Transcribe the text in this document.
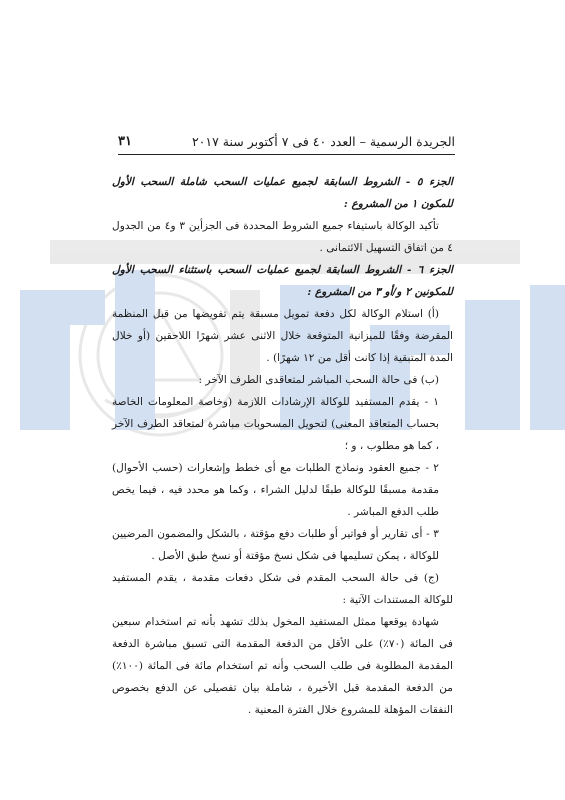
الجريدة الرسمية – العدد ٤٠ فى ٧ أكتوبر سنة ٢٠١٧
٣١

الجزء ٥ - الشروط السابقة لجميع عمليات السحب شاملة السحب الأول للمكون ١ من المشروع :

تأكيد الوكالة باستيفاء جميع الشروط المحددة فى الجزأين ٣ و٤ من الجدول ٤ من اتفاق التسهيل الائتمانى .

الجزء ٦ - الشروط السابقة لجميع عمليات السحب باستثناء السحب الأول للمكونين ٢ و/أو ٣ من المشروع :

(أ) استلام الوكالة لكل دفعة تمويل مسبقة يتم تفويضها من قبل المنظمة المقرضة وفقًا للميزانية المتوقعة خلال الاثنى عشر شهرًا اللاحقين (أو خلال المدة المتبقية إذا كانت أقل من ١٢ شهرًا) .

(ب) فى حالة السحب المباشر لمتعاقدى الطرف الآخر :

١ - يقدم المستفيد للوكالة الإرشادات اللازمة (وخاصة المعلومات الخاصة بحساب المتعاقد المعنى) لتحويل المسحوبات مباشرة لمتعاقد الطرف الآخر ، كما هو مطلوب ، و ؛

٢ - جميع العقود ونماذج الطلبات مع أى خطط وإشعارات (حسب الأحوال) مقدمة مسبقًا للوكالة طبقًا لدليل الشراء ، وكما هو محدد فيه ، فيما يخص طلب الدفع المباشر .

٣ - أى تقارير أو فواتير أو طلبات دفع مؤقتة ، بالشكل والمضمون المرضيين للوكالة ، يمكن تسليمها فى شكل نسخ مؤقتة أو نسخ طبق الأصل .

(ج) فى حالة السحب المقدم فى شكل دفعات مقدمة ، يقدم المستفيد للوكالة المستندات الآتية :

شهادة يوقعها ممثل المستفيد المخول بذلك تشهد بأنه تم استخدام سبعين فى المائة (٧٠٪) على الأقل من الدفعة المقدمة التى تسبق مباشرة الدفعة المقدمة المطلوبة فى طلب السحب وأنه تم استخدام مائة فى المائة (١٠٠٪) من الدفعة المقدمة قبل الأخيرة ، شاملة بيان تفصيلى عن الدفع بخصوص النفقات المؤهلة للمشروع خلال الفترة المعنية .
